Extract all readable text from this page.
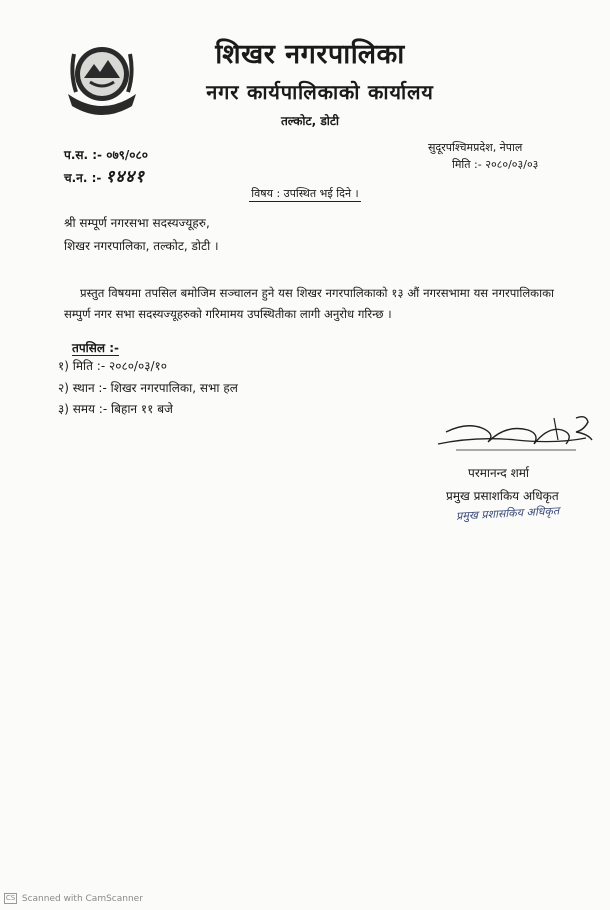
शिखर नगरपालिका
नगर कार्यपालिकाको कार्यालय
तल्कोट, डोटी
प.स. :- ०७९/०८०
च.न. :- १४४१
सुदूरपश्चिमप्रदेश, नेपाल
मिति :- २०८०/०३/०३
विषय : उपस्थित भई दिने ।
श्री सम्पूर्ण नगरसभा सदस्यज्यूहरु,
शिखर नगरपालिका, तल्कोट, डोटी ।
प्रस्तुत विषयमा तपसिल बमोजिम सञ्चालन हुने यस शिखर नगरपालिकाको १३ औं नगरसभामा यस नगरपालिकाका सम्पुर्ण नगर सभा सदस्यज्यूहरुको गरिमामय उपस्थितीका लागी अनुरोध गरिन्छ ।
तपसिल :-
१) मिति :- २०८०/०३/१०
२) स्थान :- शिखर नगरपालिका, सभा हल
३) समय :- बिहान ११ बजे
परमानन्द शर्मा
प्रमुख प्रसाशकिय अधिकृत
प्रमुख प्रशासकिय अधिकृत
CS Scanned with CamScanner
